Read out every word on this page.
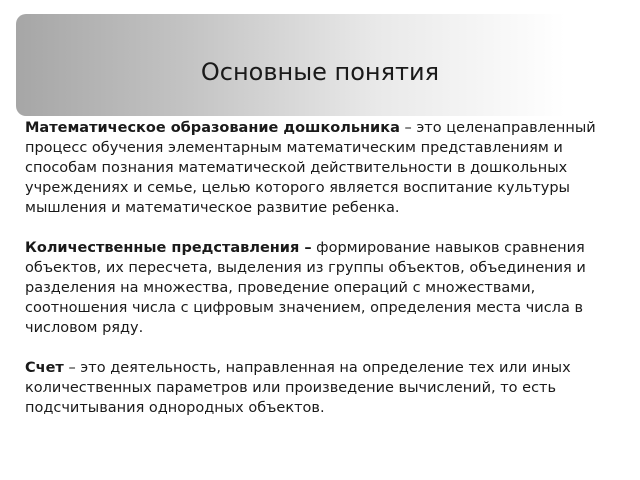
Основные понятия

Математическое образование дошкольника – это целенаправленный процесс обучения элементарным математическим представлениям и способам познания математической действительности в дошкольных учреждениях и семье, целью которого является воспитание культуры мышления и математическое развитие ребенка.

Количественные представления – формирование навыков сравнения объектов, их пересчета, выделения из группы объектов, объединения и разделения на множества, проведение операций с множествами, соотношения числа с цифровым значением, определения места числа в числовом ряду.

Счет – это деятельность, направленная на определение тех или иных количественных параметров или произведение вычислений, то есть подсчитывания однородных объектов.
